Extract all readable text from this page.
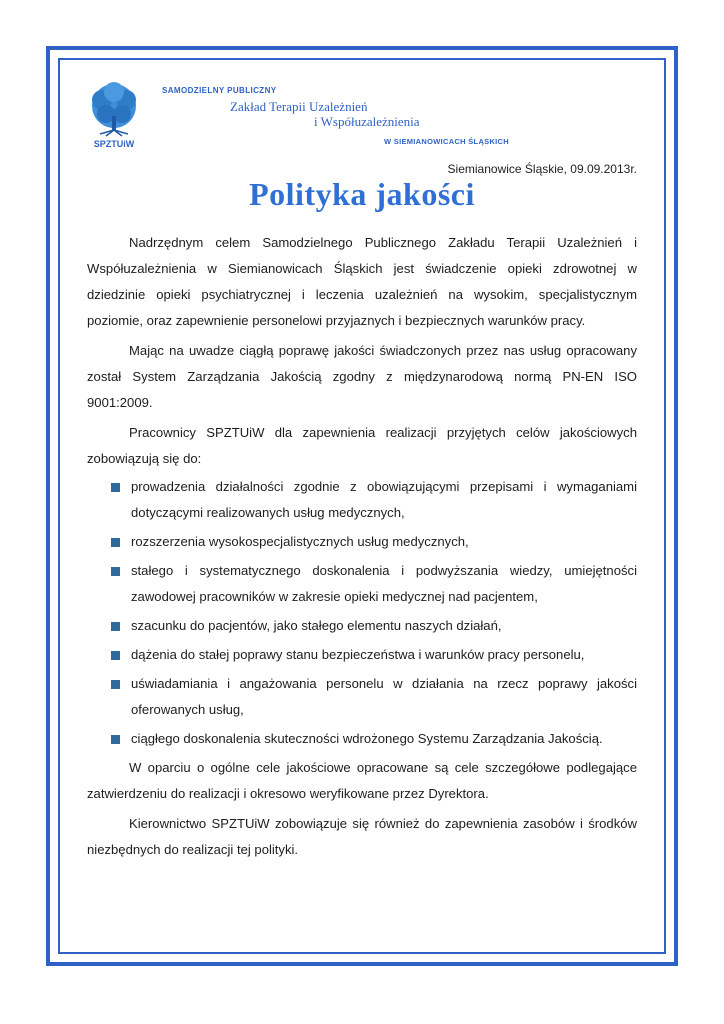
SPZTUiW
SAMODZIELNY PUBLICZNY
Zakład Terapii Uzależnień
i Współuzależnienia
W SIEMIANOWICACH ŚLĄSKICH
Siemianowice Śląskie, 09.09.2013r.
Polityka jakości

Nadrzędnym celem Samodzielnego Publicznego Zakładu Terapii Uzależnień i Współuzależnienia w Siemianowicach Śląskich jest świadczenie opieki zdrowotnej w dziedzinie opieki psychiatrycznej i leczenia uzależnień na wysokim, specjalistycznym poziomie, oraz zapewnienie personelowi przyjaznych i bezpiecznych warunków pracy.

Mając na uwadze ciągłą poprawę jakości świadczonych przez nas usług opracowany został System Zarządzania Jakością zgodny z międzynarodową normą PN-EN ISO 9001:2009.

Pracownicy SPZTUiW dla zapewnienia realizacji przyjętych celów jakościowych zobowiązują się do:

prowadzenia działalności zgodnie z obowiązującymi przepisami i wymaganiami dotyczącymi realizowanych usług medycznych,
rozszerzenia wysokospecjalistycznych usług medycznych,
stałego i systematycznego doskonalenia i podwyższania wiedzy, umiejętności zawodowej pracowników w zakresie opieki medycznej nad pacjentem,
szacunku do pacjentów, jako stałego elementu naszych działań,
dążenia do stałej poprawy stanu bezpieczeństwa i warunków pracy personelu,
uświadamiania i angażowania personelu w działania na rzecz poprawy jakości oferowanych usług,
ciągłego doskonalenia skuteczności wdrożonego Systemu Zarządzania Jakością.

W oparciu o ogólne cele jakościowe opracowane są cele szczegółowe podlegające zatwierdzeniu do realizacji i okresowo weryfikowane przez Dyrektora.

Kierownictwo SPZTUiW zobowiązuje się również do zapewnienia zasobów i środków niezbędnych do realizacji tej polityki.
